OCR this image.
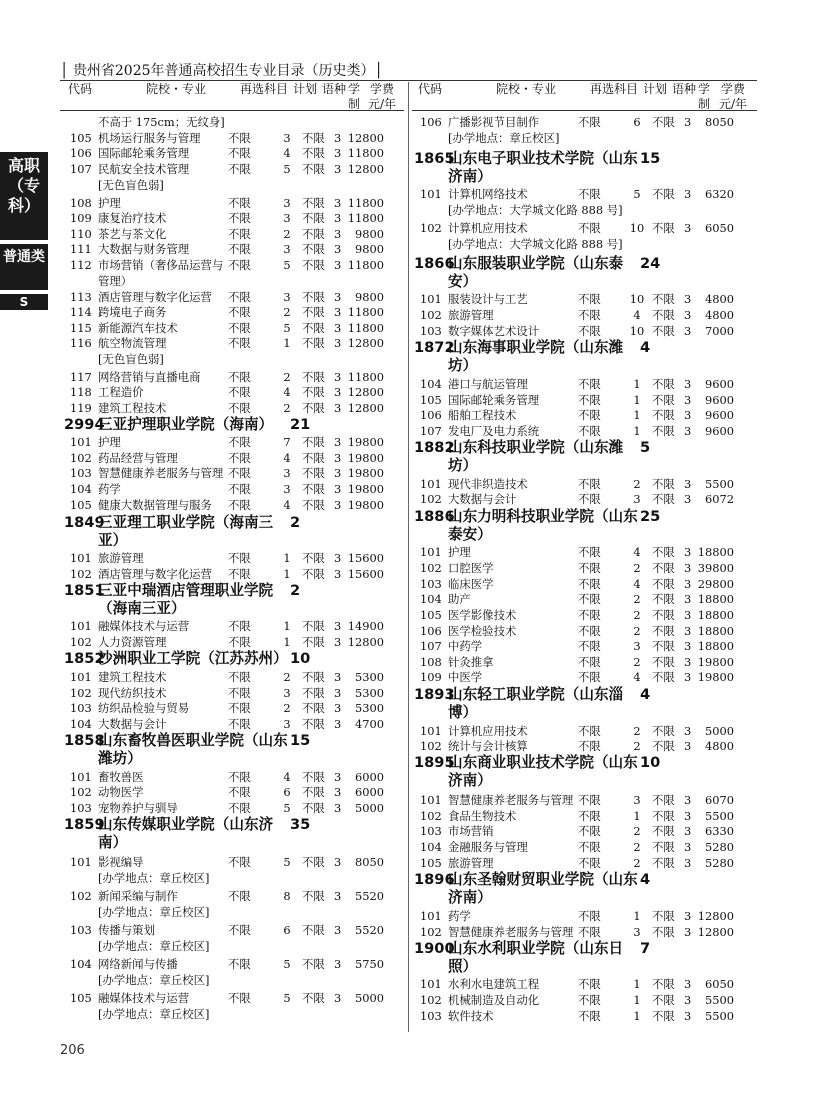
│ 贵州省2025年普通高校招生专业目录（历史类）│
代码	院校・专业	再选科目 计划 语种 学
制
学费
元/年
代码	院校・专业	再选科目 计划 语种 学
制
学费
元/年
高职（专科）
普通类
S
不高于 175cm；无纹身]
105 机场运行服务与管理 不限	3 不限 3 12800
106 国际邮轮乘务管理	不限	4 不限 3 11800
107 民航安全技术管理	不限	5 不限 3 12800
[无色盲色弱]
108 护理	不限	3 不限 3 11800
109 康复治疗技术	不限	3 不限 3 11800
110 茶艺与茶文化	不限	2 不限 3	9800
111 大数据与财务管理	不限	3 不限 3	9800
112 市场营销（奢侈品运营与 不限	5 不限 3 11800
管理）
113 酒店管理与数字化运营 不限	3 不限 3	9800
114 跨境电子商务	不限	2 不限 3 11800
115 新能源汽车技术	不限	5 不限 3 11800
116 航空物流管理	不限	1 不限 3 12800
[无色盲色弱]
117 网络营销与直播电商 不限	2 不限 3 11800
118 工程造价	不限	4 不限 3 12800
119 建筑工程技术	不限	2 不限 3 12800
2994
三亚护理职业学院（海南） 21
101 护理	不限	7 不限 3 19800
102 药品经营与管理	不限	4 不限 3 19800
103 智慧健康养老服务与管理 不限	3 不限 3 19800
104 药学	不限	3 不限 3 19800
105 健康大数据管理与服务 不限	4 不限 3 19800
1849
三亚理工职业学院（海南三 2
亚）
101 旅游管理	不限	1 不限 3 15600
102 酒店管理与数字化运营 不限	1 不限 3 15600
1851
三亚中瑞酒店管理职业学院 2
（海南三亚）
101 融媒体技术与运营	不限	1 不限 3 14900
102 人力资源管理	不限	1 不限 3 12800
1852
沙洲职业工学院（江苏苏州） 10
101 建筑工程技术	不限	2 不限 3	5300
102 现代纺织技术	不限	3 不限 3	5300
103 纺织品检验与贸易	不限	2 不限 3	5300
104 大数据与会计	不限	3 不限 3	4700
1858
山东畜牧兽医职业学院（山东 15
潍坊）
101 畜牧兽医	不限	4 不限 3	6000
102 动物医学	不限	6 不限 3	6000
103 宠物养护与驯导	不限	5 不限 3	5000
1859
山东传媒职业学院（山东济 35
南）
101 影视编导	不限	5 不限 3	8050
[办学地点：章丘校区]
102 新闻采编与制作	不限	8 不限 3	5520
[办学地点：章丘校区]
103 传播与策划	不限	6 不限 3	5520
[办学地点：章丘校区]
104 网络新闻与传播	不限	5 不限 3	5750
[办学地点：章丘校区]
105 融媒体技术与运营	不限	5 不限 3	5000
[办学地点：章丘校区]
106 广播影视节目制作	不限	6 不限 3	8050
[办学地点：章丘校区]
1865
山东电子职业技术学院（山东 15
济南）
101 计算机网络技术	不限	5 不限 3	6320
[办学地点：大学城文化路 888 号]
102 计算机应用技术	不限	10 不限 3	6050
[办学地点：大学城文化路 888 号]
1866
山东服装职业学院（山东泰 24
安）
101 服装设计与工艺	不限	10 不限 3	4800
102 旅游管理	不限	4 不限 3	4800
103 数字媒体艺术设计	不限	10 不限 3	7000
1872
山东海事职业学院（山东潍 4
坊）
104 港口与航运管理	不限	1 不限 3	9600
105 国际邮轮乘务管理	不限	1 不限 3	9600
106 船舶工程技术	不限	1 不限 3	9600
107 发电厂及电力系统	不限	1 不限 3	9600
1882
山东科技职业学院（山东潍 5
坊）
101 现代非织造技术	不限	2 不限 3	5500
102 大数据与会计	不限	3 不限 3	6072
1886
山东力明科技职业学院（山东 25
泰安）
101 护理	不限	4 不限 3 18800
102 口腔医学	不限	2 不限 3 39800
103 临床医学	不限	4 不限 3 29800
104 助产	不限	2 不限 3 18800
105 医学影像技术	不限	2 不限 3 18800
106 医学检验技术	不限	2 不限 3 18800
107 中药学	不限	3 不限 3 18800
108 针灸推拿	不限	2 不限 3 19800
109 中医学	不限	4 不限 3 19800
1893
山东轻工职业学院（山东淄 4
博）
101 计算机应用技术	不限	2 不限 3	5000
102 统计与会计核算	不限	2 不限 3	4800
1895
山东商业职业技术学院（山东 10
济南）
101 智慧健康养老服务与管理 不限	3 不限 3	6070
102 食品生物技术	不限	1 不限 3	5500
103 市场营销	不限	2 不限 3	6330
104 金融服务与管理	不限	2 不限 3	5280
105 旅游管理	不限	2 不限 3	5280
1896
山东圣翰财贸职业学院（山东 4
济南）
101 药学	不限	1 不限 3 12800
102 智慧健康养老服务与管理 不限	3 不限 3 12800
1900
山东水利职业学院（山东日 7
照）
101 水利水电建筑工程	不限	1 不限 3	6050
102 机械制造及自动化	不限	1 不限 3	5500
103 软件技术	不限	1 不限 3	5500
206
